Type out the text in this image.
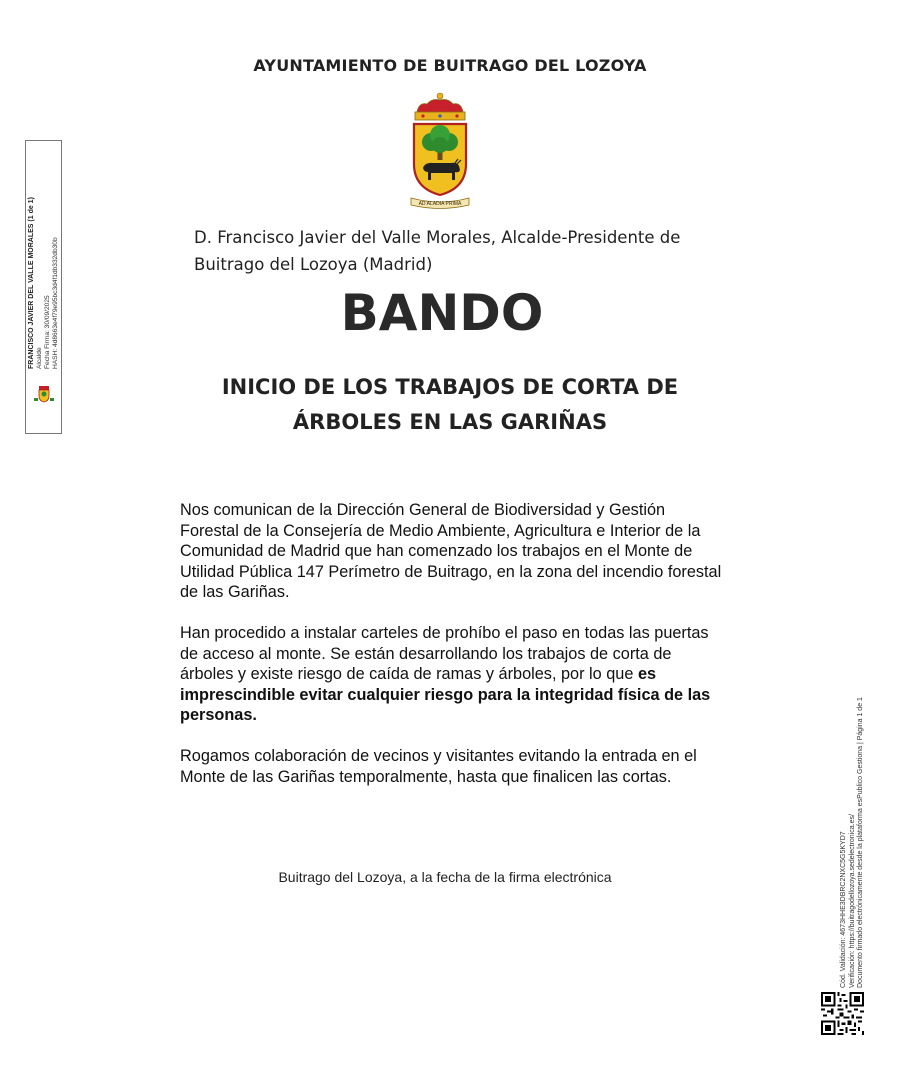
AYUNTAMIENTO DE BUITRAGO DEL LOZOYA
AD ALADIA PRIMA
D. Francisco Javier del Valle Morales, Alcalde-Presidente de
Buitrago del Lozoya (Madrid)
BANDO
INICIO DE LOS TRABAJOS DE CORTA DE
ÁRBOLES EN LAS GARIÑAS

Nos comunican de la Dirección General de Biodiversidad y Gestión Forestal de la Consejería de Medio Ambiente, Agricultura e Interior de la Comunidad de Madrid que han comenzado los trabajos en el Monte de Utilidad Pública 147 Perímetro de Buitrago, en la zona del incendio forestal de las Gariñas.

Han procedido a instalar carteles de prohíbo el paso en todas las puertas de acceso al monte. Se están desarrollando los trabajos de corta de árboles y existe riesgo de caída de ramas y árboles, por lo que es imprescindible evitar cualquier riesgo para la integridad física de las personas.

Rogamos colaboración de vecinos y visitantes evitando la entrada en el Monte de las Gariñas temporalmente, hasta que finalicen las cortas.

Buitrago del Lozoya, a la fecha de la firma electrónica
FRANCISCO JAVIER DEL VALLE MORALES (1 de 1) Alcalde Fecha Firma: 30/09/2025 HASH: 4d8663e4f79e95bc3d4f1db332db30b
Cód. Validación: 4673HHE3DBRC2NXC5G5KYD7 Verificación: https://buitragodellozoya.sedelectronica.es/ Documento firmado electrónicamente desde la plataforma esPublico Gestiona | Página 1 de 1
